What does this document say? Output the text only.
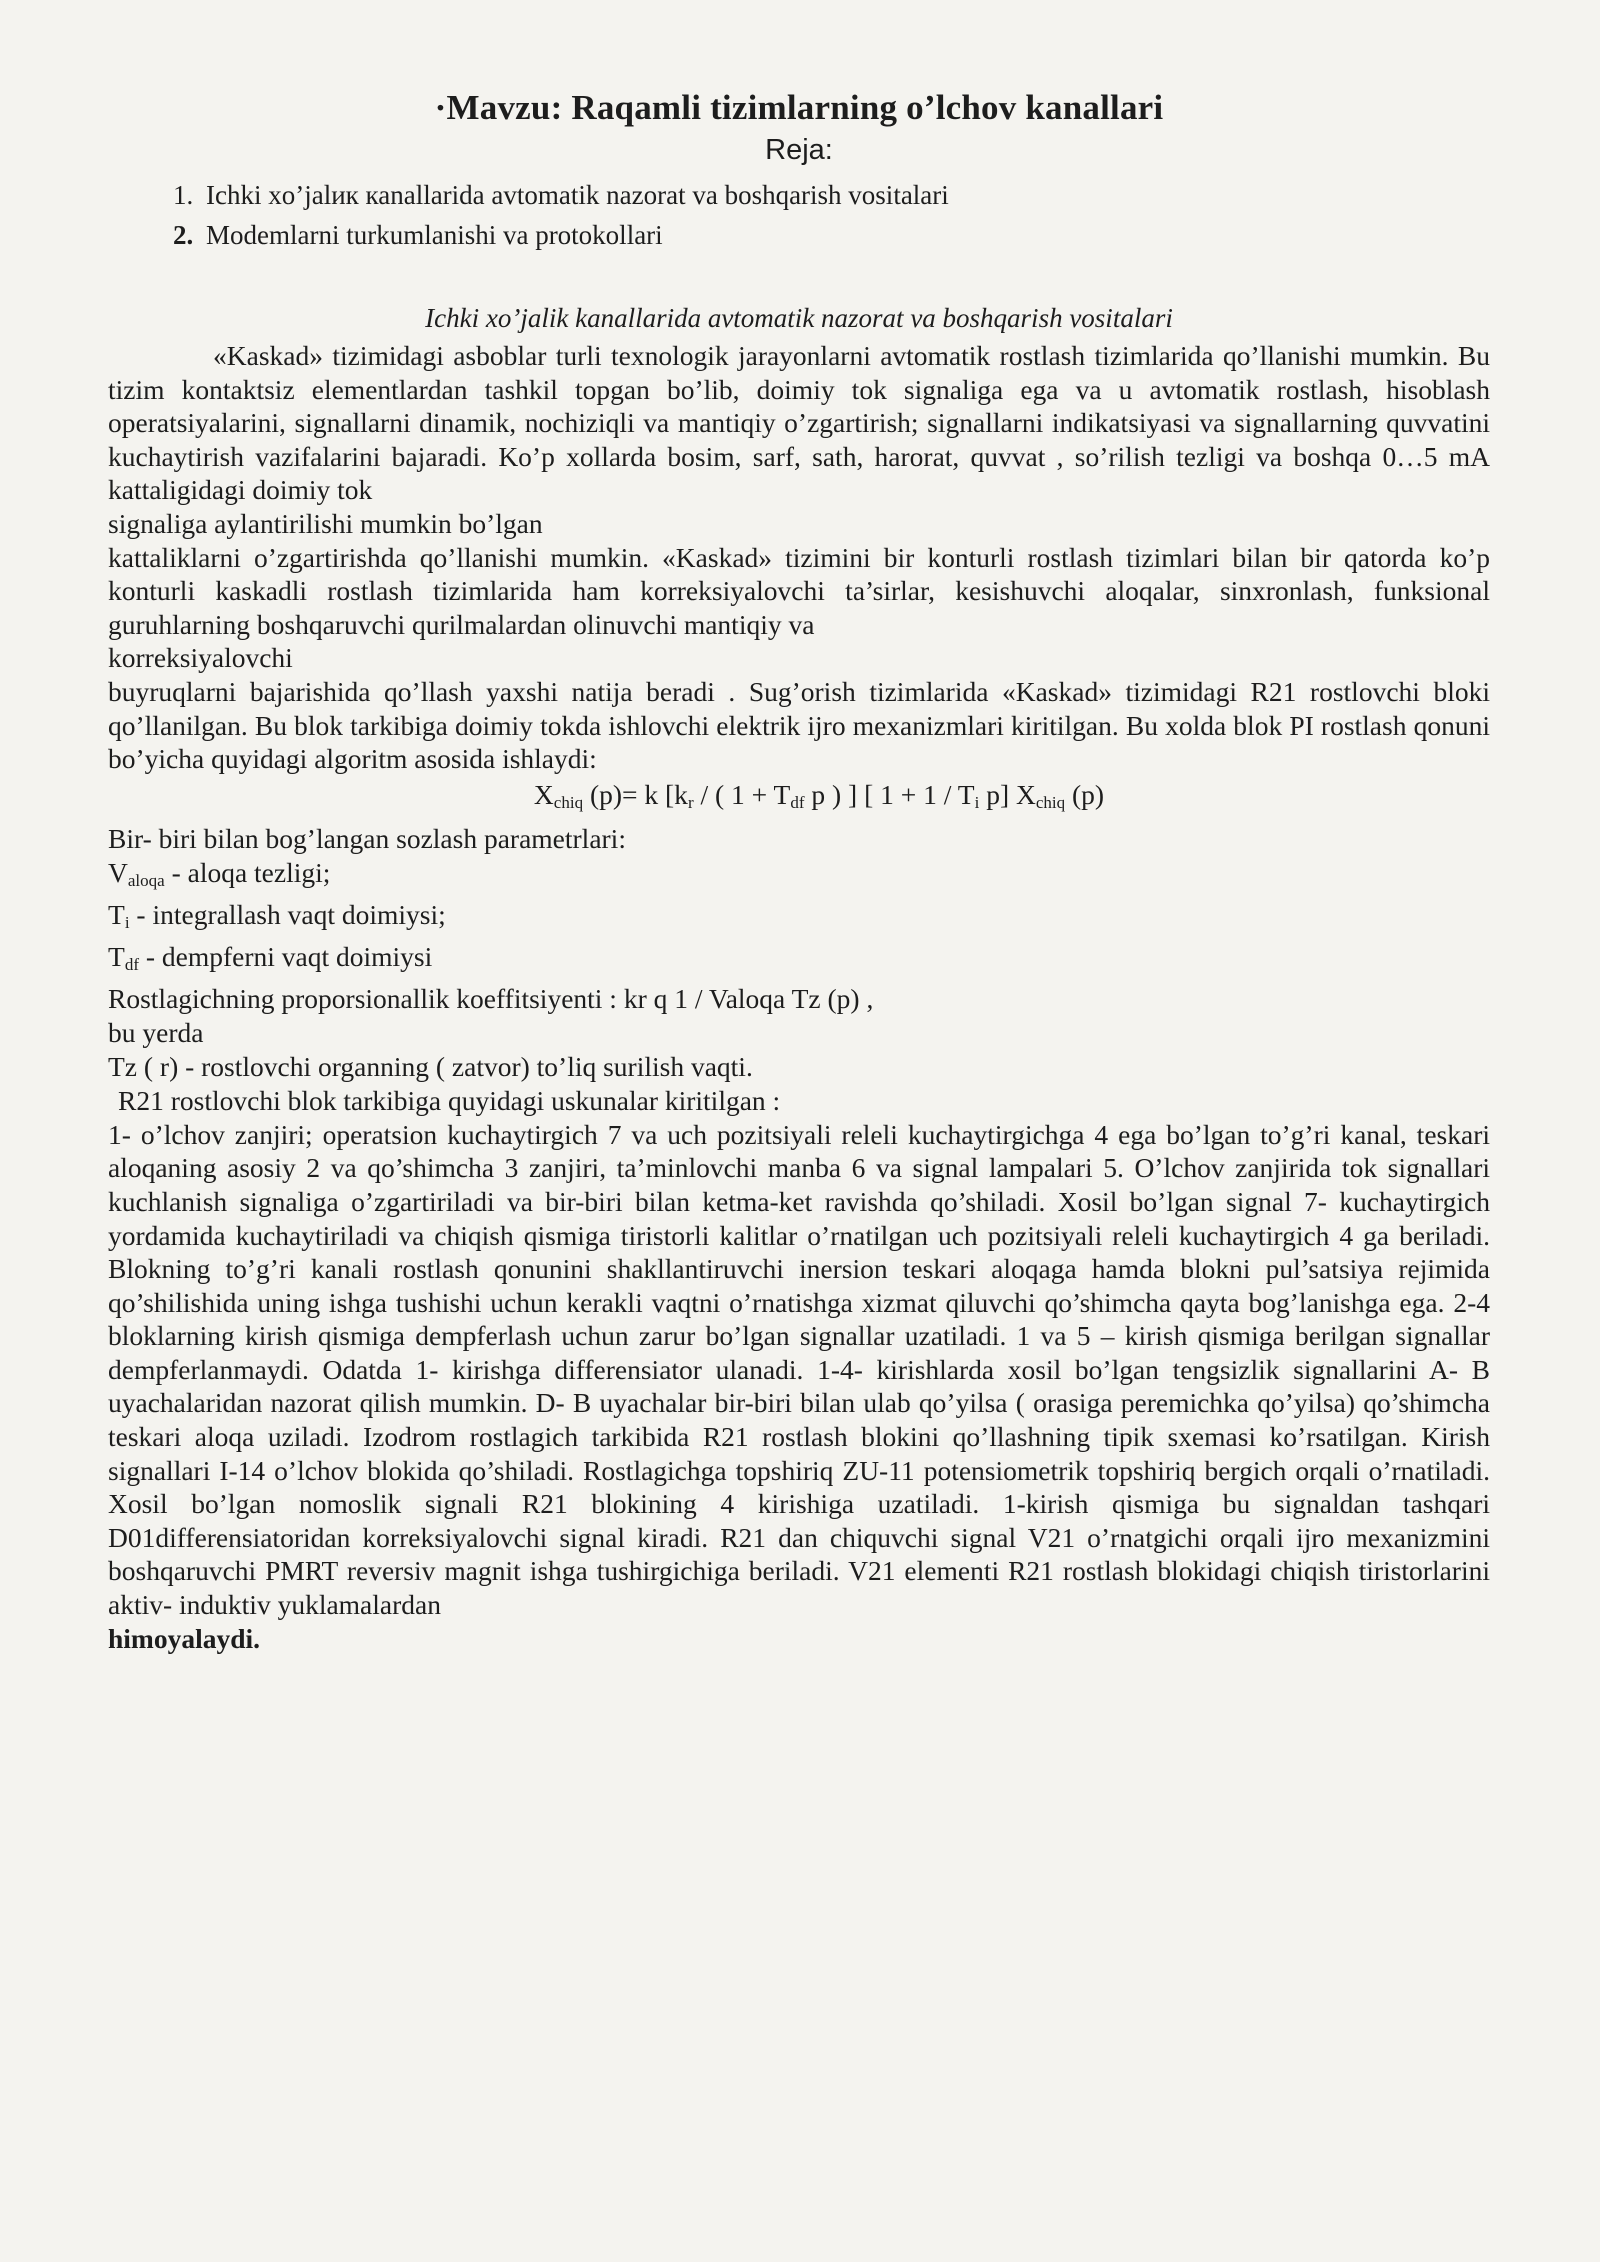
·Mavzu: Raqamli tizimlarning o’lchov kanallari
Reja:
1. Ichki xo’jalик каnallarida avtomatik nazorat va boshqarish vositalari
2. Modemlarni turkumlanishi va protokollari
Ichki xo’jalik kanallarida avtomatik nazorat va boshqarish vositalari

«Kaskad» tizimidagi asboblar turli texnologik jarayonlarni avtomatik rostlash tizimlarida qo’llanishi mumkin. Bu tizim kontaktsiz elementlardan tashkil topgan bo’lib, doimiy tok signaliga ega va u avtomatik rostlash, hisoblash operatsiyalarini, signallarni dinamik, nochiziqli va mantiqiy o’zgartirish; signallarni indikatsiyasi va signallarning quvvatini kuchaytirish vazifalarini bajaradi. Ko’p xollarda bosim, sarf, sath, harorat, quvvat , so’rilish tezligi va boshqa 0…5 mA kattaligidagi doimiy tok

signaliga aylantirilishi mumkin bo’lgan

kattaliklarni o’zgartirishda qo’llanishi mumkin. «Kaskad» tizimini bir konturli rostlash tizimlari bilan bir qatorda ko’p konturli kaskadli rostlash tizimlarida ham korreksiyalovchi ta’sirlar, kesishuvchi aloqalar, sinxronlash, funksional guruhlarning boshqaruvchi qurilmalardan olinuvchi mantiqiy va

korreksiyalovchi

buyruqlarni bajarishida qo’llash yaxshi natija beradi . Sug’orish tizimlarida «Kaskad» tizimidagi R21 rostlovchi bloki qo’llanilgan. Bu blok tarkibiga doimiy tokda ishlovchi elektrik ijro mexanizmlari kiritilgan. Bu xolda blok PI rostlash qonuni bo’yicha quyidagi algoritm asosida ishlaydi:

$X_{chiq}$ (p)= k [$k_r$ / ( $1 + T_{df}$ p ) ] [ $1 + 1 / T_i$ p] $X_{chiq}$ (p)

Bir- biri bilan bog’langan sozlash parametrlari:
$V_{aloqa}$ - aloqa tezligi;
$T_i$ - integrallash vaqt doimiysi;
$T_{df}$ - dempferni vaqt doimiysi
Rostlagichning proporsionallik koeffitsiyenti : kr q 1 / Valoqa Tz (p) ,
bu yerda
Tz ( r) - rostlovchi organning ( zatvor) to’liq surilish vaqti.
R21 rostlovchi blok tarkibiga quyidagi uskunalar kiritilgan :

1- o’lchov zanjiri; operatsion kuchaytirgich 7 va uch pozitsiyali releli kuchaytirgichga 4 ega bo’lgan to’g’ri kanal, teskari aloqaning asosiy 2 va qo’shimcha 3 zanjiri, ta’minlovchi manba 6 va signal lampalari 5. O’lchov zanjirida tok signallari kuchlanish signaliga o’zgartiriladi va bir-biri bilan ketma-ket ravishda qo’shiladi. Xosil bo’lgan signal 7- kuchaytirgich yordamida kuchaytiriladi va chiqish qismiga tiristorli kalitlar o’rnatilgan uch pozitsiyali releli kuchaytirgich 4 ga beriladi. Blokning to’g’ri kanali rostlash qonunini shakllantiruvchi inersion teskari aloqaga hamda blokni pul’satsiya rejimida qo’shilishida uning ishga tushishi uchun kerakli vaqtni o’rnatishga xizmat qiluvchi qo’shimcha qayta bog’lanishga ega. 2-4 bloklarning kirish qismiga dempferlash uchun zarur bo’lgan signallar uzatiladi. 1 va 5 – kirish qismiga berilgan signallar dempferlanmaydi. Odatda 1- kirishga differensiator ulanadi. 1-4- kirishlarda xosil bo’lgan tengsizlik signallarini A- B uyachalaridan nazorat qilish mumkin. D- B uyachalar bir-biri bilan ulab qo’yilsa ( orasiga peremichka qo’yilsa) qo’shimcha teskari aloqa uziladi. Izodrom rostlagich tarkibida R21 rostlash blokini qo’llashning tipik sxemasi ko’rsatilgan. Kirish signallari I-14 o’lchov blokida qo’shiladi. Rostlagichga topshiriq ZU-11 potensiometrik topshiriq bergich orqali o’rnatiladi. Xosil bo’lgan nomoslik signali R21 blokining 4 kirishiga uzatiladi. 1-kirish qismiga bu signaldan tashqari D01differensiatoridan korreksiyalovchi signal kiradi. R21 dan chiquvchi signal V21 o’rnatgichi orqali ijro mexanizmini boshqaruvchi PMRT reversiv magnit ishga tushirgichiga beriladi. V21 elementi R21 rostlash blokidagi chiqish tiristorlarini aktiv- induktiv yuklamalardan

himoyalaydi.
